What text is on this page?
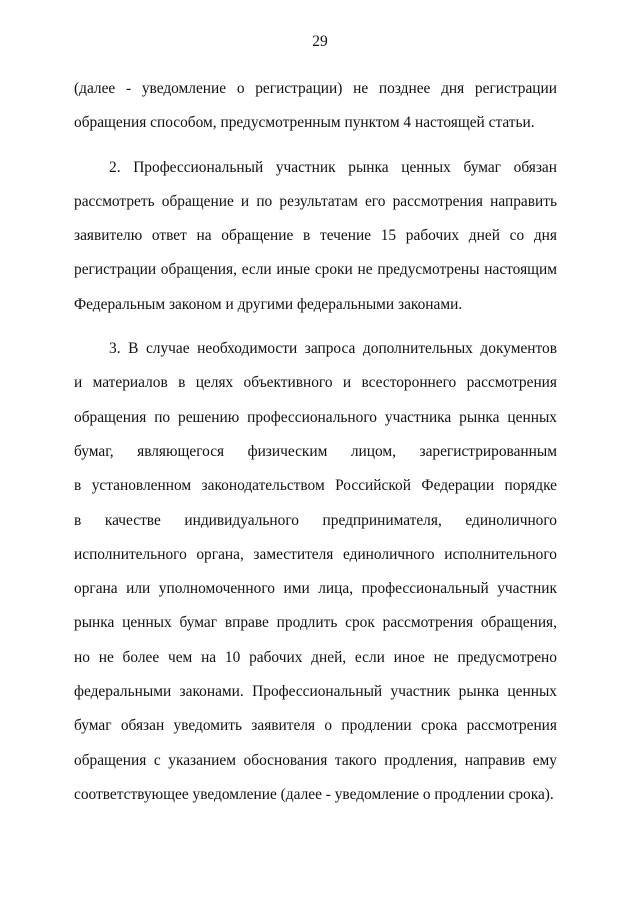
29
(далее - уведомление о регистрации) не позднее дня регистрации
обращения способом, предусмотренным пунктом 4 настоящей статьи.
2. Профессиональный участник рынка ценных бумаг обязан
рассмотреть обращение и по результатам его рассмотрения направить
заявителю ответ на обращение в течение 15 рабочих дней со дня
регистрации обращения, если иные сроки не предусмотрены настоящим
Федеральным законом и другими федеральными законами.
3. В случае необходимости запроса дополнительных документов
и материалов в целях объективного и всестороннего рассмотрения
обращения по решению профессионального участника рынка ценных
бумаг, являющегося физическим лицом, зарегистрированным
в установленном законодательством Российской Федерации порядке
в качестве индивидуального предпринимателя, единоличного
исполнительного органа, заместителя единоличного исполнительного
органа или уполномоченного ими лица, профессиональный участник
рынка ценных бумаг вправе продлить срок рассмотрения обращения,
но не более чем на 10 рабочих дней, если иное не предусмотрено
федеральными законами. Профессиональный участник рынка ценных
бумаг обязан уведомить заявителя о продлении срока рассмотрения
обращения с указанием обоснования такого продления, направив ему
соответствующее уведомление (далее - уведомление о продлении срока).
